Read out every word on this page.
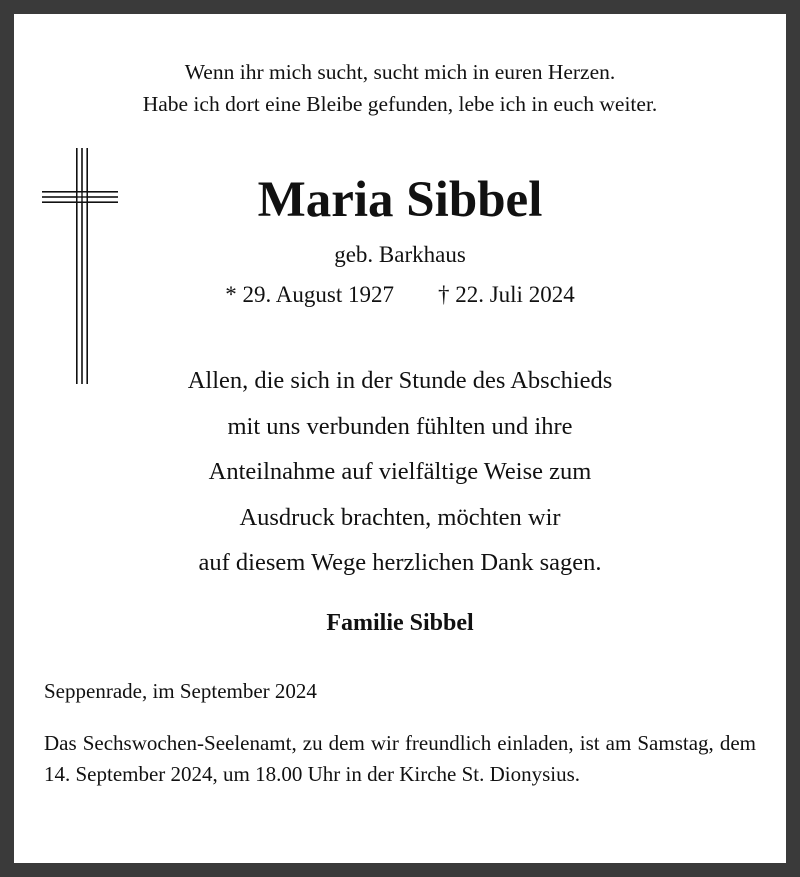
Wenn ihr mich sucht, sucht mich in euren Herzen.
Habe ich dort eine Bleibe gefunden, lebe ich in euch weiter.
Maria Sibbel
geb. Barkhaus
* 29. August 1927 † 22. Juli 2024
Allen, die sich in der Stunde des Abschieds
mit uns verbunden fühlten und ihre
Anteilnahme auf vielfältige Weise zum
Ausdruck brachten, möchten wir
auf diesem Wege herzlichen Dank sagen.
Familie Sibbel
Seppenrade, im September 2024
Das Sechswochen-Seelenamt, zu dem wir freundlich einladen, ist am Samstag, dem 14. September 2024, um 18.00 Uhr in der Kirche St. Dionysius.
